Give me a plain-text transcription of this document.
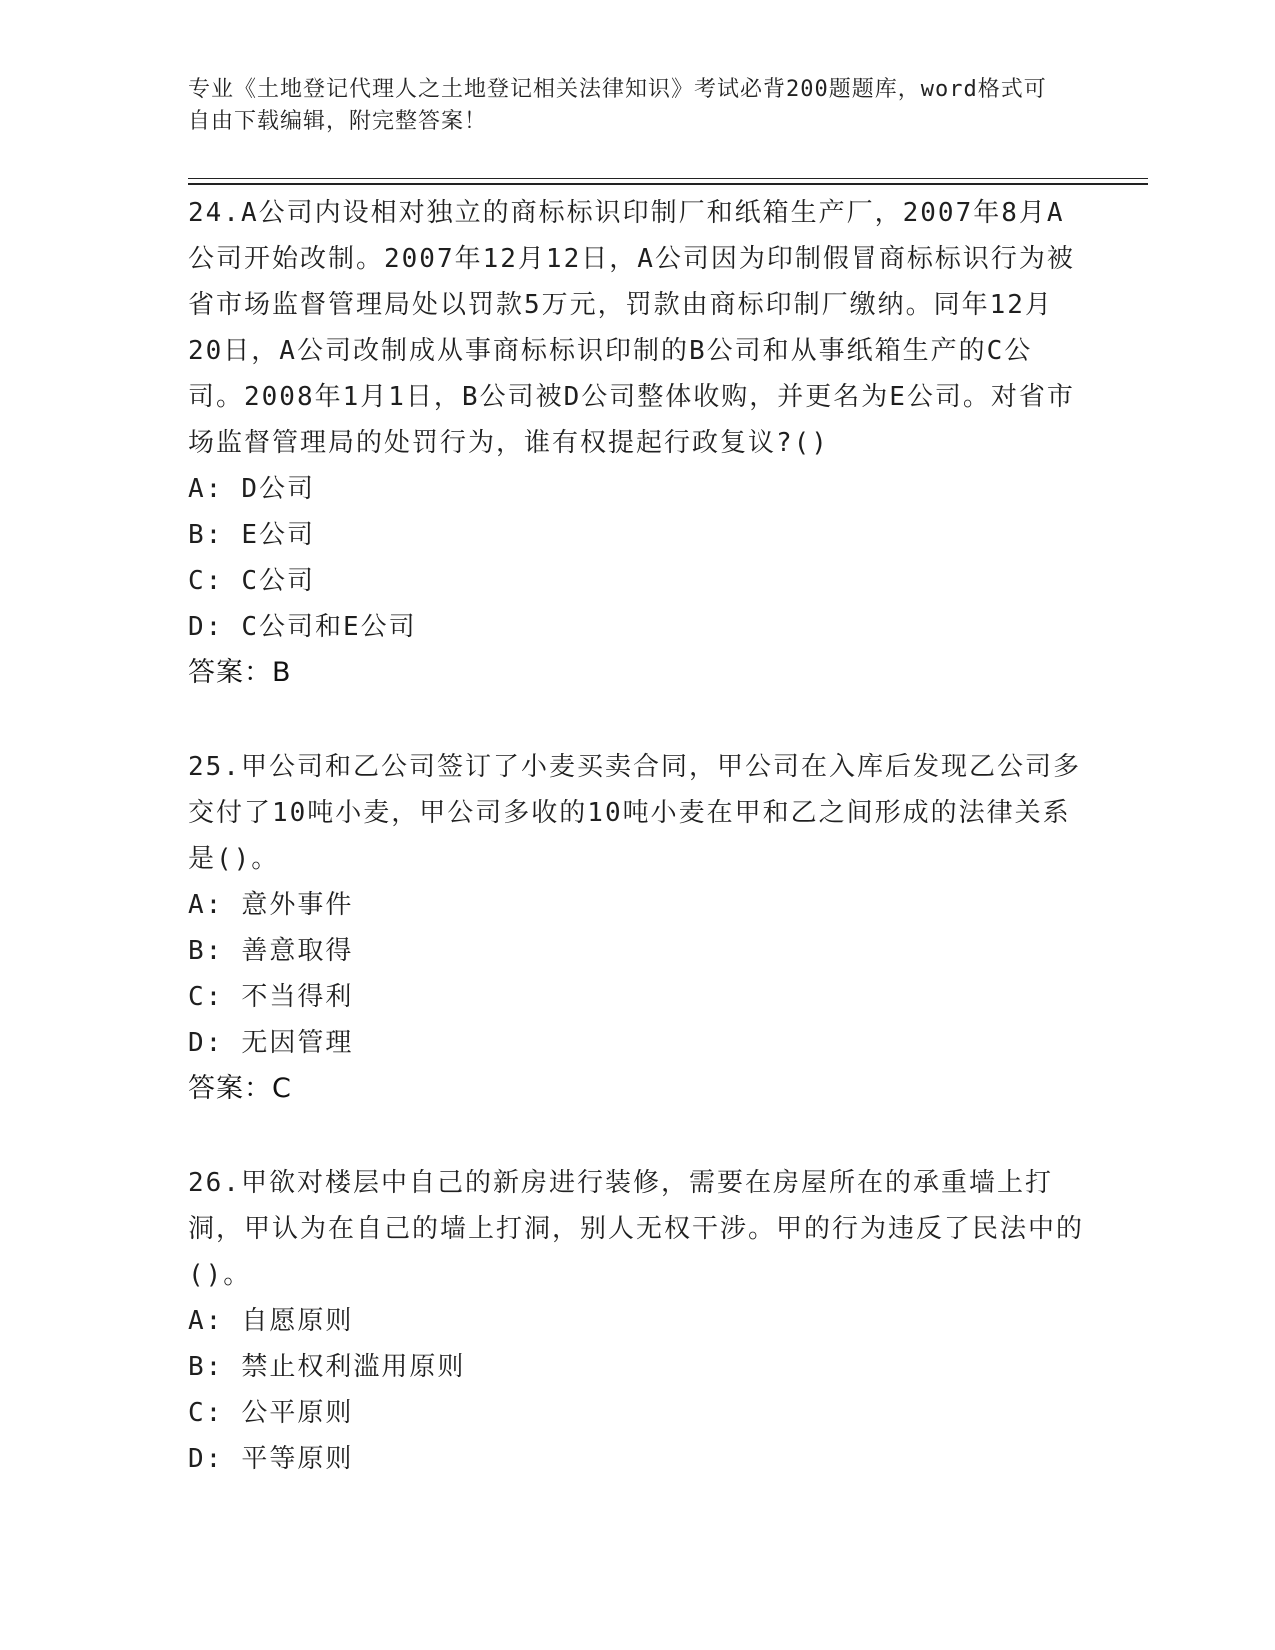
专业《土地登记代理人之土地登记相关法律知识》考试必背200题题库，word格式可自由下载编辑，附完整答案！
24.A公司内设相对独立的商标标识印制厂和纸箱生产厂，2007年8月A公司开始改制。2007年12月12日，A公司因为印制假冒商标标识行为被省市场监督管理局处以罚款5万元，罚款由商标印制厂缴纳。同年12月20日，A公司改制成从事商标标识印制的B公司和从事纸箱生产的C公司。2008年1月1日，B公司被D公司整体收购，并更名为E公司。对省市场监督管理局的处罚行为，谁有权提起行政复议?()
A: D公司
B: E公司
C: C公司
D: C公司和E公司
答案：B
25.甲公司和乙公司签订了小麦买卖合同，甲公司在入库后发现乙公司多交付了10吨小麦，甲公司多收的10吨小麦在甲和乙之间形成的法律关系是()。
A: 意外事件
B: 善意取得
C: 不当得利
D: 无因管理
答案：C
26.甲欲对楼层中自己的新房进行装修，需要在房屋所在的承重墙上打洞，甲认为在自己的墙上打洞，别人无权干涉。甲的行为违反了民法中的()。
A: 自愿原则
B: 禁止权利滥用原则
C: 公平原则
D: 平等原则
